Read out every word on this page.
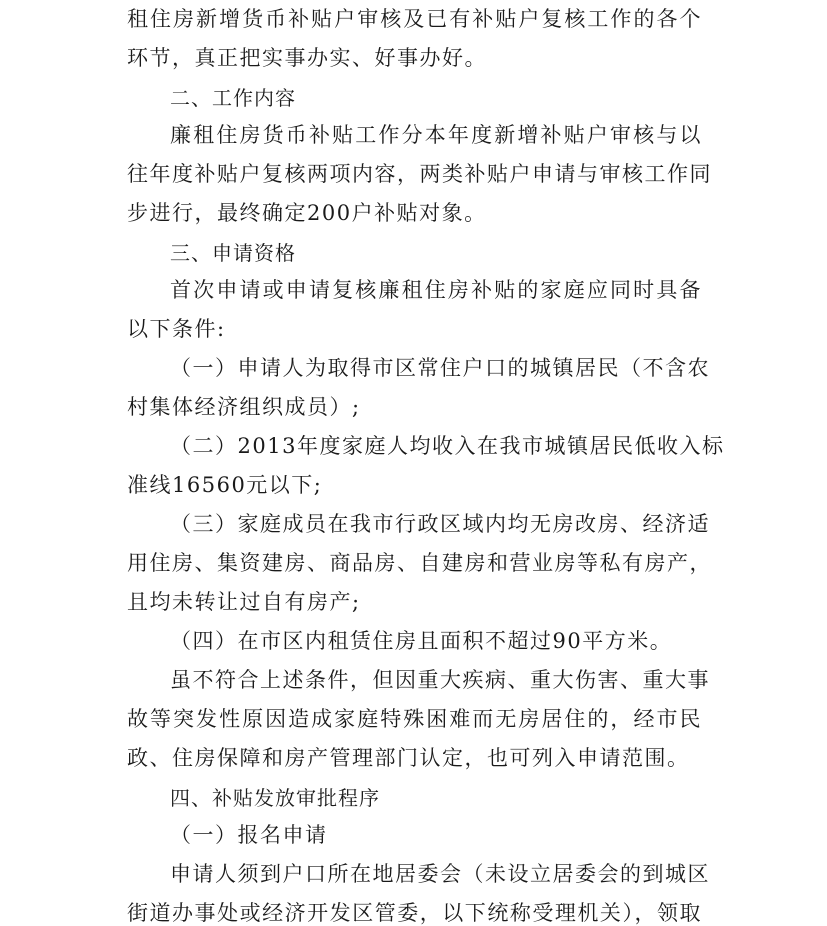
租住房新增货币补贴户审核及已有补贴户复核工作的各个
环节，真正把实事办实、好事办好。
二、工作内容
廉租住房货币补贴工作分本年度新增补贴户审核与以
往年度补贴户复核两项内容，两类补贴户申请与审核工作同
步进行，最终确定200户补贴对象。
三、申请资格
首次申请或申请复核廉租住房补贴的家庭应同时具备
以下条件:
（一）申请人为取得市区常住户口的城镇居民（不含农
村集体经济组织成员）;
（二）2013年度家庭人均收入在我市城镇居民低收入标
准线16560元以下;
（三）家庭成员在我市行政区域内均无房改房、经济适
用住房、集资建房、商品房、自建房和营业房等私有房产，
且均未转让过自有房产;
（四）在市区内租赁住房且面积不超过90平方米。
虽不符合上述条件，但因重大疾病、重大伤害、重大事
故等突发性原因造成家庭特殊困难而无房居住的，经市民
政、住房保障和房产管理部门认定，也可列入申请范围。
四、补贴发放审批程序
（一）报名申请
申请人须到户口所在地居委会（未设立居委会的到城区
街道办事处或经济开发区管委，以下统称受理机关），领取
